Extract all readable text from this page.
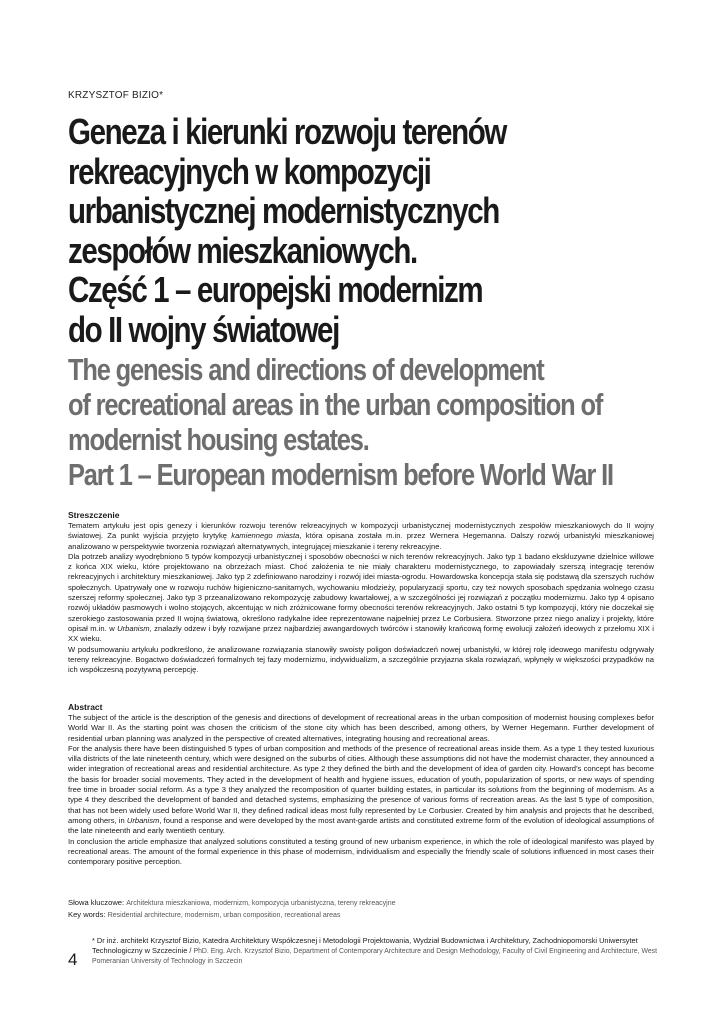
KRZYSZTOF BIZIO*
Geneza i kierunki rozwoju terenów
rekreacyjnych w kompozycji
urbanistycznej modernistycznych
zespołów mieszkaniowych.
Część 1 – europejski modernizm
do II wojny światowej
The genesis and directions of development
of recreational areas in the urban composition of
modernist housing estates.
Part 1 – European modernism before World War II
Streszczenie

Tematem artykułu jest opis genezy i kierunków rozwoju terenów rekreacyjnych w kompozycji urbanistycznej modernistycznych zespołów mieszkaniowych do II wojny światowej. Za punkt wyjścia przyjęto krytykę kamiennego miasta, która opisana została m.in. przez Wernera Hegemanna. Dalszy rozwój urbanistyki mieszkaniowej analizowano w perspektywie tworzenia rozwiązań alternatywnych, integrującej mieszkanie i tereny rekreacyjne.

Dla potrzeb analizy wyodrębniono 5 typów kompozycji urbanistycznej i sposobów obecności w nich terenów rekreacyjnych. Jako typ 1 badano ekskluzywne dzielnice willowe z końca XIX wieku, które projektowano na obrzeżach miast. Choć założenia te nie miały charakteru modernistycznego, to zapowiadały szerszą integrację terenów rekreacyjnych i architektury mieszkaniowej. Jako typ 2 zdefiniowano narodziny i rozwój idei miasta-ogrodu. Howardowska koncepcja stała się podstawą dla szerszych ruchów społecznych. Upatrywały one w rozwoju ruchów higieniczno-sanitarnych, wychowaniu młodzieży, popularyzacji sportu, czy też nowych sposobach spędzania wolnego czasu szerszej reformy społecznej. Jako typ 3 przeanalizowano rekompozycję zabudowy kwartałowej, a w szczególności jej rozwiązań z początku modernizmu. Jako typ 4 opisano rozwój układów pasmowych i wolno stojących, akcentując w nich zróżnicowane formy obecności terenów rekreacyjnych. Jako ostatni 5 typ kompozycji, który nie doczekał się szerokiego zastosowania przed II wojną światową, określono radykalne idee reprezentowane najpełniej przez Le Corbusiera. Stworzone przez niego analizy i projekty, które opisał m.in. w Urbanism, znalazły odzew i były rozwijane przez najbardziej awangardowych twórców i stanowiły krańcową formę ewolucji założeń ideowych z przełomu XIX i XX wieku.

W podsumowaniu artykułu podkreślono, że analizowane rozwiązania stanowiły swoisty poligon doświadczeń nowej urbanistyki, w której rolę ideowego manifestu odgrywały tereny rekreacyjne. Bogactwo doświadczeń formalnych tej fazy modernizmu, indywidualizm, a szczególnie przyjazna skala rozwiązań, wpłynęły w większości przypadków na ich współczesną pozytywną percepcję.

Abstract

The subject of the article is the description of the genesis and directions of development of recreational areas in the urban composition of modernist housing complexes befor World War II. As the starting point was chosen the criticism of the stone city which has been described, among others, by Werner Hegemann. Further development of residential urban planning was analyzed in the perspective of created alternatives, integrating housing and recreational areas.

For the analysis there have been distinguished 5 types of urban composition and methods of the presence of recreational areas inside them. As a type 1 they tested luxurious villa districts of the late nineteenth century, which were designed on the suburbs of cities. Although these assumptions did not have the modernist character, they announced a wider integration of recreational areas and residential architecture. As type 2 they defined the birth and the development of idea of garden city. Howard’s concept has become the basis for broader social movements. They acted in the development of health and hygiene issues, education of youth, popularization of sports, or new ways of spending free time in broader social reform. As a type 3 they analyzed the recomposition of quarter building estates, in particular its solutions from the beginning of modernism. As a type 4 they described the development of banded and detached systems, emphasizing the presence of various forms of recreation areas. As the last 5 type of composition, that has not been widely used before World War II, they defined radical ideas most fully represented by Le Corbusier. Created by him analysis and projects that he described, among others, in Urbanism, found a response and were developed by the most avant-garde artists and constituted extreme form of the evolution of ideological assumptions of the late nineteenth and early twentieth century.

In conclusion the article emphasize that analyzed solutions constituted a testing ground of new urbanism experience, in which the role of ideological manifesto was played by recreational areas. The amount of the formal experience in this phase of modernism, individualism and especially the friendly scale of solutions influenced in most cases their contemporary positive perception.

Słowa kluczowe: Architektura mieszkaniowa, modernizm, kompozycja urbanistyczna, tereny rekreacyjne
Key words: Residential architecture, modernism, urban composition, recreational areas
4
* Dr inż. architekt Krzysztof Bizio, Katedra Architektury Współczesnej i Metodologii Projektowania, Wydział Budownictwa i Architektury, Zachodniopomorski Uniwersytet Technologiczny w Szczecinie / PhD. Eng. Arch. Krzysztof Bizio, Department of Contemporary Architecture and Design Methodology, Faculty of Civil Engineering and Architecture, West Pomeranian University of Technology in Szczecin
